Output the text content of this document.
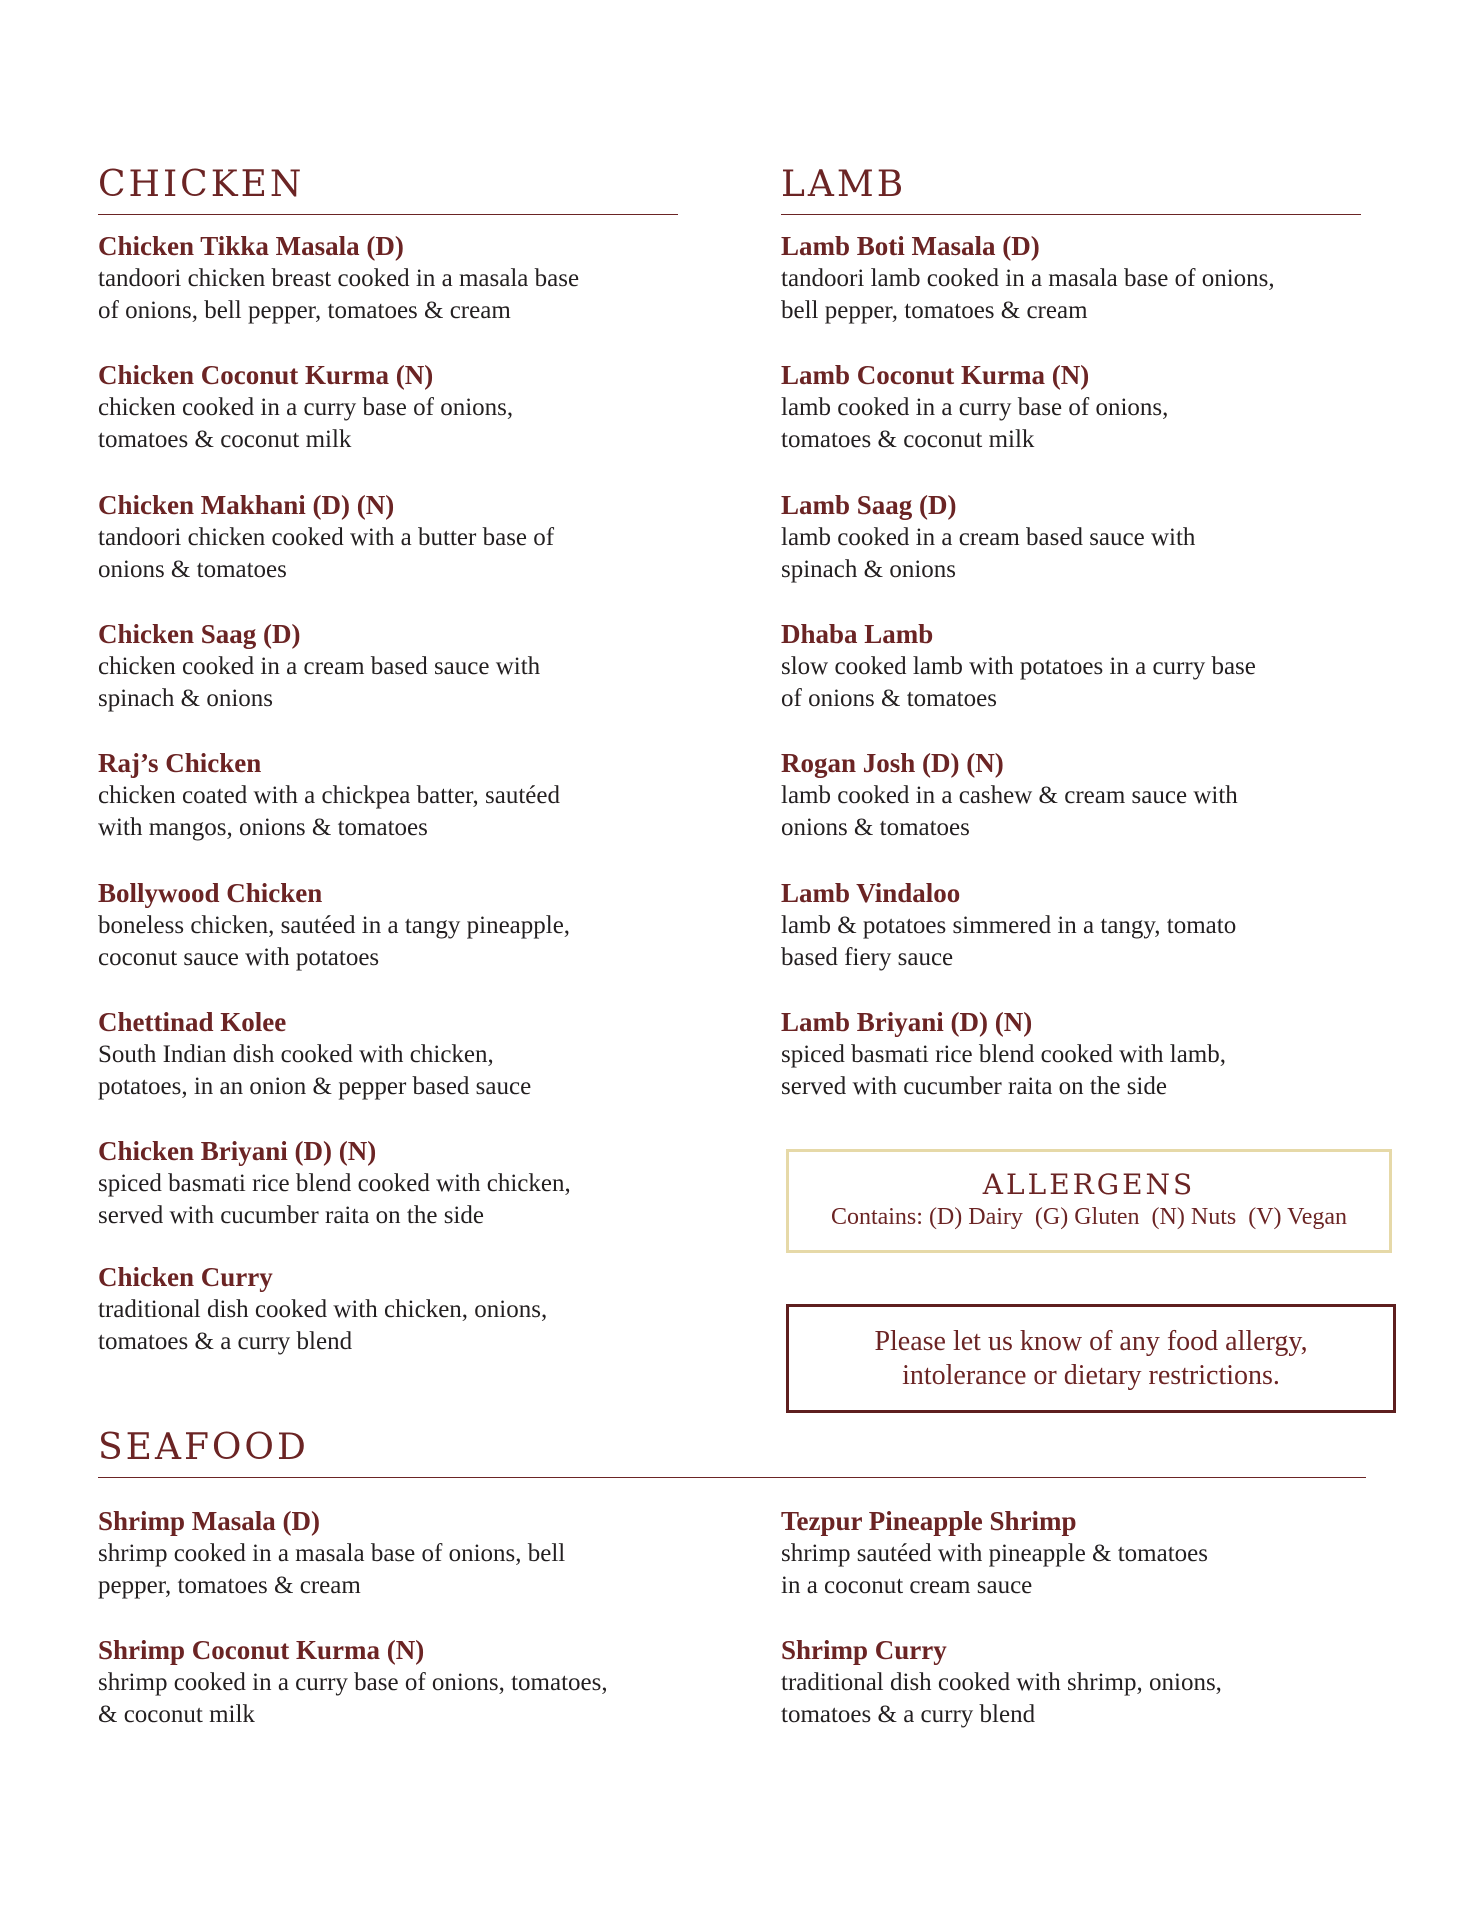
CHICKEN
Chicken Tikka Masala (D)
tandoori chicken breast cooked in a masala base
of onions, bell pepper, tomatoes & cream
Chicken Coconut Kurma (N)
chicken cooked in a curry base of onions,
tomatoes & coconut milk
Chicken Makhani (D) (N)
tandoori chicken cooked with a butter base of
onions & tomatoes
Chicken Saag (D)
chicken cooked in a cream based sauce with
spinach & onions
Raj’s Chicken
chicken coated with a chickpea batter, sautéed
with mangos, onions & tomatoes
Bollywood Chicken
boneless chicken, sautéed in a tangy pineapple,
coconut sauce with potatoes
Chettinad Kolee
South Indian dish cooked with chicken,
potatoes, in an onion & pepper based sauce
Chicken Briyani (D) (N)
spiced basmati rice blend cooked with chicken,
served with cucumber raita on the side
Chicken Curry
traditional dish cooked with chicken, onions,
tomatoes & a curry blend
LAMB
Lamb Boti Masala (D)
tandoori lamb cooked in a masala base of onions,
bell pepper, tomatoes & cream
Lamb Coconut Kurma (N)
lamb cooked in a curry base of onions,
tomatoes & coconut milk
Lamb Saag (D)
lamb cooked in a cream based sauce with
spinach & onions
Dhaba Lamb
slow cooked lamb with potatoes in a curry base
of onions & tomatoes
Rogan Josh (D) (N)
lamb cooked in a cashew & cream sauce with
onions & tomatoes
Lamb Vindaloo
lamb & potatoes simmered in a tangy, tomato
based fiery sauce
Lamb Briyani (D) (N)
spiced basmati rice blend cooked with lamb,
served with cucumber raita on the side
ALLERGENS
Contains: (D) Dairy  (G) Gluten  (N) Nuts  (V) Vegan
Please let us know of any food allergy,
intolerance or dietary restrictions.
SEAFOOD
Shrimp Masala (D)
shrimp cooked in a masala base of onions, bell
pepper, tomatoes & cream
Shrimp Coconut Kurma (N)
shrimp cooked in a curry base of onions, tomatoes,
& coconut milk
Tezpur Pineapple Shrimp
shrimp sautéed with pineapple & tomatoes
in a coconut cream sauce
Shrimp Curry
traditional dish cooked with shrimp, onions,
tomatoes & a curry blend
